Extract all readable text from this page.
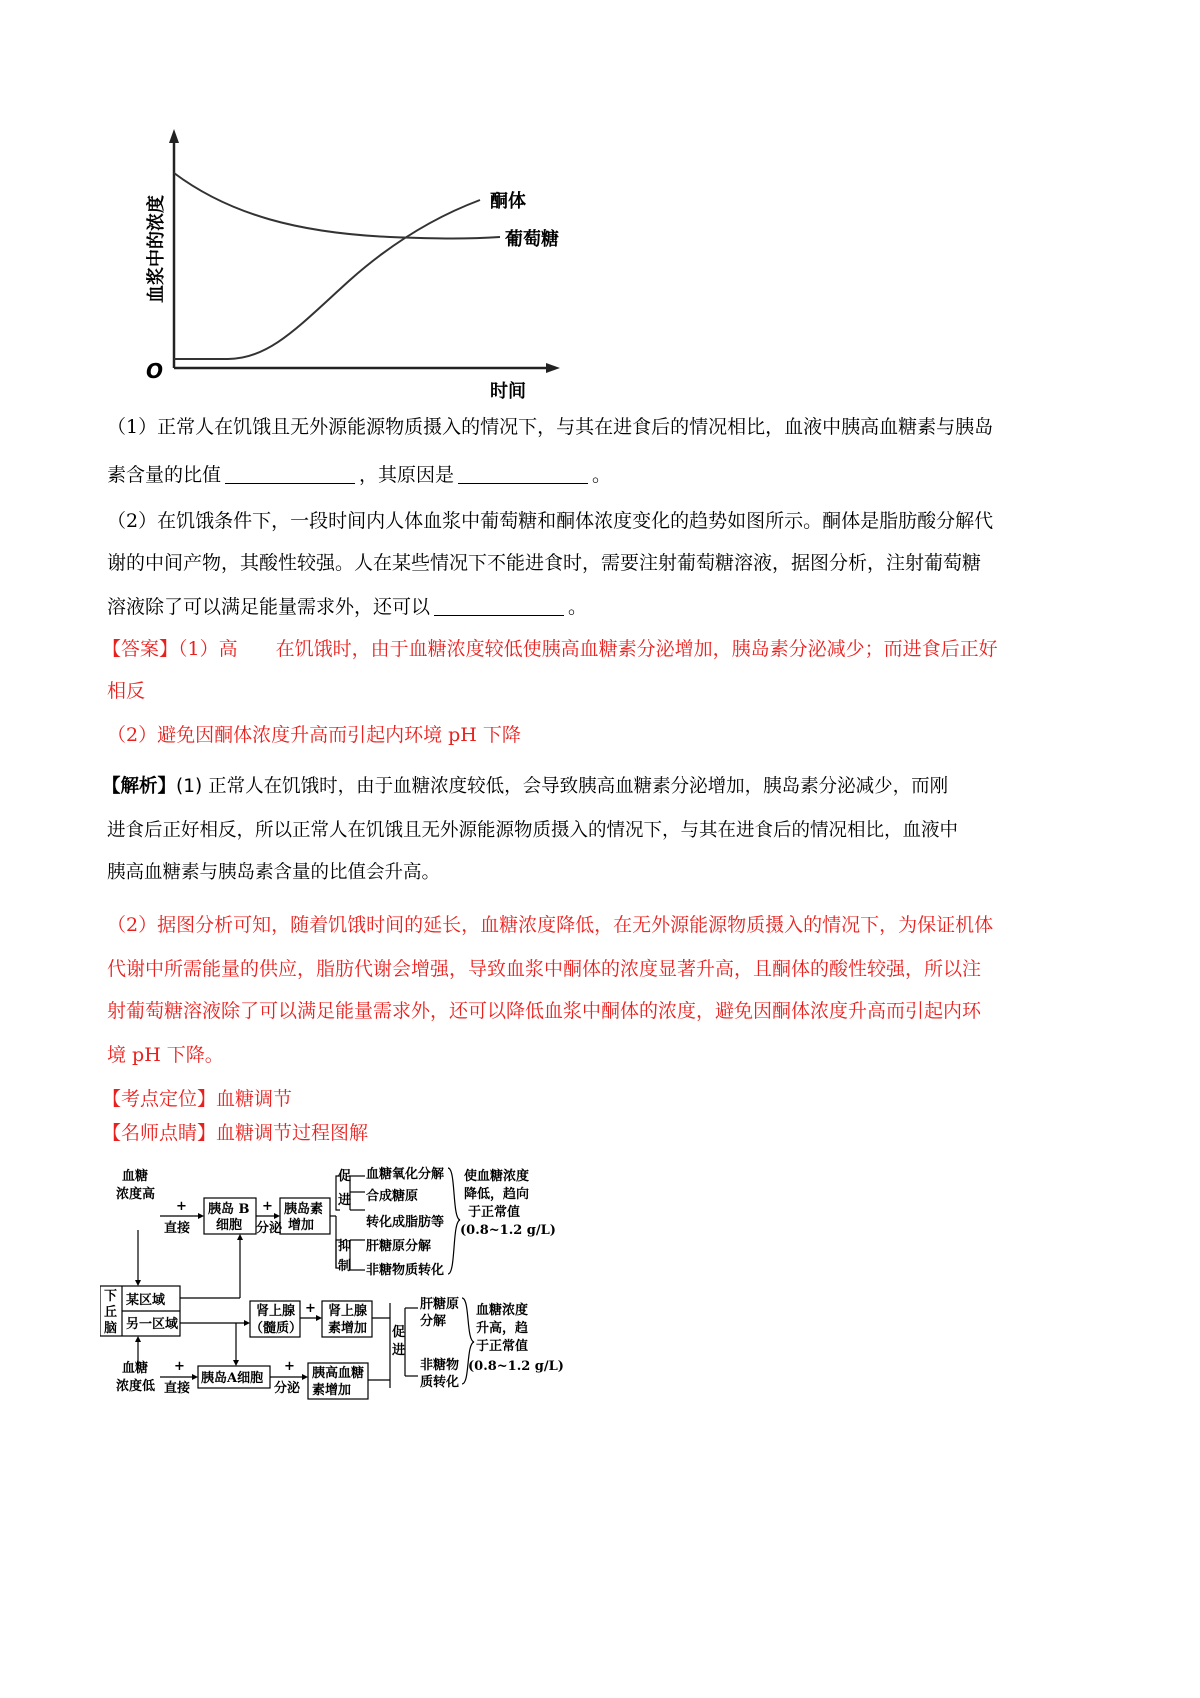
O
酮体
葡萄糖
时间
血浆中的浓度
（1）正常人在饥饿且无外源能源物质摄入的情况下，与其在进食后的情况相比，血液中胰高血糖素与胰岛
素含量的比值	，其原因是	。
（2）在饥饿条件下，一段时间内人体血浆中葡萄糖和酮体浓度变化的趋势如图所示。酮体是脂肪酸分解代
谢的中间产物，其酸性较强。人在某些情况下不能进食时，需要注射葡萄糖溶液，据图分析，注射葡萄糖
溶液除了可以满足能量需求外，还可以	。
【答案】（1）高 在饥饿时，由于血糖浓度较低使胰高血糖素分泌增加，胰岛素分泌减少；而进食后正好
相反
（2）避免因酮体浓度升高而引起内环境 pH 下降
【解析】(1) 正常人在饥饿时，由于血糖浓度较低，会导致胰高血糖素分泌增加，胰岛素分泌减少，而刚
进食后正好相反，所以正常人在饥饿且无外源能源物质摄入的情况下，与其在进食后的情况相比，血液中
胰高血糖素与胰岛素含量的比值会升高。
（2）据图分析可知，随着饥饿时间的延长，血糖浓度降低，在无外源能源物质摄入的情况下，为保证机体
代谢中所需能量的供应，脂肪代谢会增强，导致血浆中酮体的浓度显著升高，且酮体的酸性较强，所以注
射葡萄糖溶液除了可以满足能量需求外，还可以降低血浆中酮体的浓度，避免因酮体浓度升高而引起内环
境 pH 下降。
【考点定位】血糖调节
【名师点睛】血糖调节过程图解
血糖
浓度高
+
直接
胰岛 B
细胞
+
分泌
胰岛素
增加
促
进
血糖氧化分解
合成糖原
转化成脂肪等
抑
制
肝糖原分解
非糖物质转化
使血糖浓度
降低，趋向
于正常值
(0.8~1.2 g/L)
下
丘
脑
某区域
另一区域
肾上腺
（髓质）
+ 肾上腺
素增加 促
进
肝糖原
分解
非糖物
质转化
血糖浓度
升高，趋
于正常值
(0.8~1.2 g/L)
血糖
浓度低
+
直接
胰岛A细胞
+
分泌
胰高血糖
素增加
